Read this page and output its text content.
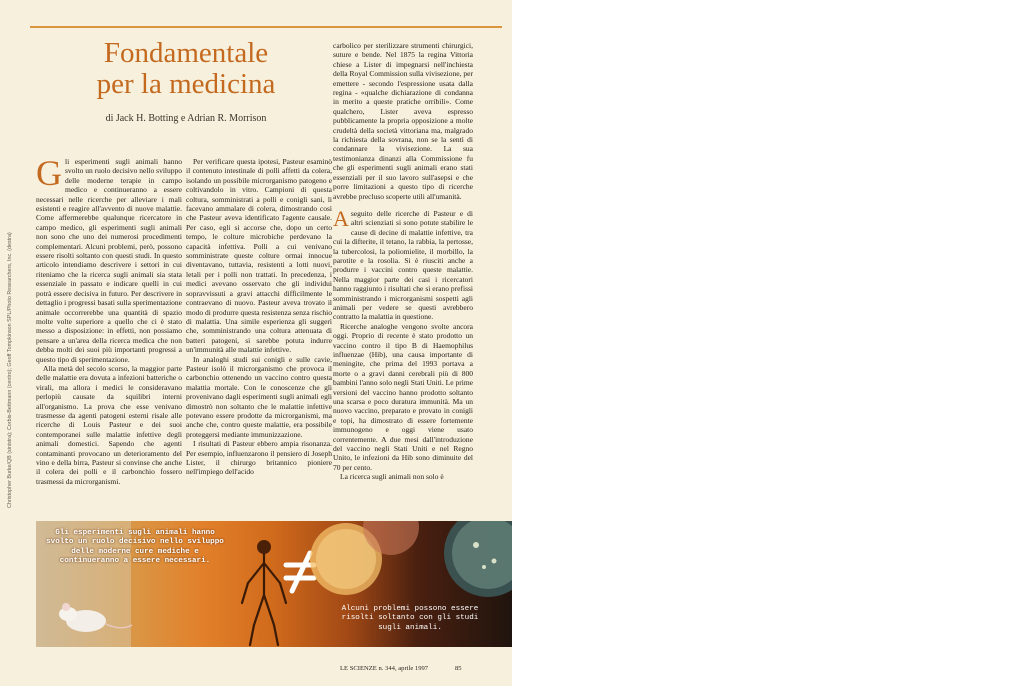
Christopher Burke/QB (sinistra); Corbis-Bettmann (centro); Geoff Tompkinson SPL/Photo Researchers, Inc. (destra)
Fondamentale
per la medicina
di Jack H. Botting e Adrian R. Morrison
G li esperimenti sugli animali hanno svolto un ruolo decisivo nello sviluppo delle moderne terapie in campo medico e continueranno a essere necessari nelle ricerche per alleviare i mali esistenti e reagire all'avvento di nuove malattie. Come affermerebbe qualunque ricercatore in campo medico, gli esperimenti sugli animali non sono che uno dei numerosi procedimenti complementari. Alcuni problemi, però, possono essere risolti soltanto con questi studi. In questo articolo intendiamo descrivere i settori in cui riteniamo che la ricerca sugli animali sia stata essenziale in passato e indicare quelli in cui potrà essere decisiva in futuro. Per descrivere in dettaglio i progressi basati sulla sperimentazione animale occorrerebbe una quantità di spazio molte volte superiore a quello che ci è stato messo a disposizione: in effetti, non possiamo pensare a un'area della ricerca medica che non debba molti dei suoi più importanti progressi a questo tipo di sperimentazione.

Alla metà del secolo scorso, la maggior parte delle malattie era dovuta a infezioni batteriche o virali, ma allora i medici le consideravano perlopiù causate da squilibri interni all'organismo. La prova che esse venivano trasmesse da agenti patogeni esterni risale alle ricerche di Louis Pasteur e dei suoi contemporanei sulle malattie infettive degli animali domestici. Sapendo che agenti contaminanti provocano un deterioramento del vino e della birra, Pasteur si convinse che anche il colera dei polli e il carbonchio fossero trasmessi da microrganismi.

Per verificare questa ipotesi, Pasteur esaminò il contenuto intestinale di polli affetti da colera, isolando un possibile microrganismo patogeno e coltivandolo in vitro. Campioni di questa coltura, somministrati a polli e conigli sani, li facevano ammalare di colera, dimostrando così che Pasteur aveva identificato l'agente causale. Per caso, egli si accorse che, dopo un certo tempo, le colture microbiche perdevano la capacità infettiva. Polli a cui venivano somministrate queste colture ormai innocue diventavano, tuttavia, resistenti a lotti nuovi, letali per i polli non trattati. In precedenza, i medici avevano osservato che gli individui sopravvissuti a gravi attacchi difficilmente le contraevano di nuovo. Pasteur aveva trovato il modo di produrre questa resistenza senza rischio di malattia. Una simile esperienza gli suggerì che, somministrando una coltura attenuata di batteri patogeni, si sarebbe potuta indurre un'immunità alle malattie infettive.

In analoghi studi sui conigli e sulle cavie, Pasteur isolò il microrganismo che provoca il carbonchio ottenendo un vaccino contro questa malattia mortale. Con le conoscenze che gli provenivano dagli esperimenti sugli animali egli dimostrò non soltanto che le malattie infettive potevano essere prodotte da microrganismi, ma anche che, contro queste malattie, era possibile proteggersi mediante immunizzazione.

I risultati di Pasteur ebbero ampia risonanza. Per esempio, influenzarono il pensiero di Joseph Lister, il chirurgo britannico pioniere nell'impiego dell'acido

carbolico per sterilizzare strumenti chirurgici, suture e bende. Nel 1875 la regina Vittoria chiese a Lister di impegnarsi nell'inchiesta della Royal Commission sulla vivisezione, per emettere - secondo l'espressione usata dalla regina - «qualche dichiarazione di condanna in merito a queste pratiche orribili». Come qualchero, Lister aveva espresso pubblicamente la propria opposizione a molte crudeltà della società vittoriana ma, malgrado la richiesta della sovrana, non se la sentì di condannare la vivisezione. La sua testimonianza dinanzi alla Commissione fu che gli esperimenti sugli animali erano stati essenziali per il suo lavoro sull'asepsi e che porre limitazioni a questo tipo di ricerche avrebbe precluso scoperte utili all'umanità.

A seguito delle ricerche di Pasteur e di altri scienziati si sono potute stabilire le cause di decine di malattie infettive, tra cui la difterite, il tetano, la rabbia, la pertosse, la tubercolosi, la poliomielite, il morbillo, la parotite e la rosolia. Si è riusciti anche a produrre i vaccini contro queste malattie. Nella maggior parte dei casi i ricercatori hanno raggiunto i risultati che si erano prefissi somministrando i microrganismi sospetti agli animali per vedere se questi avrebbero contratto la malattia in questione.

Ricerche analoghe vengono svolte ancora oggi. Proprio di recente è stato prodotto un vaccino contro il tipo B di Haemophilus influenzae (Hib), una causa importante di meningite, che prima del 1993 portava a morte o a gravi danni cerebrali più di 800 bambini l'anno solo negli Stati Uniti. Le prime versioni del vaccino hanno prodotto soltanto una scarsa e poco duratura immunità. Ma un nuovo vaccino, preparato e provato in conigli e topi, ha dimostrato di essere fortemente immunogeno e oggi viene usato correntemente. A due mesi dall'introduzione del vaccino negli Stati Uniti e nel Regno Unito, le infezioni da Hib sono diminuite del 70 per cento.

La ricerca sugli animali non solo è

Gli esperimenti sugli animali hanno svolto un ruolo decisivo nello sviluppo delle moderne cure mediche e continueranno a essere necessari.
Alcuni problemi possono essere risolti soltanto con gli studi sugli animali.
LE SCIENZE n. 344, aprile 1997	85
